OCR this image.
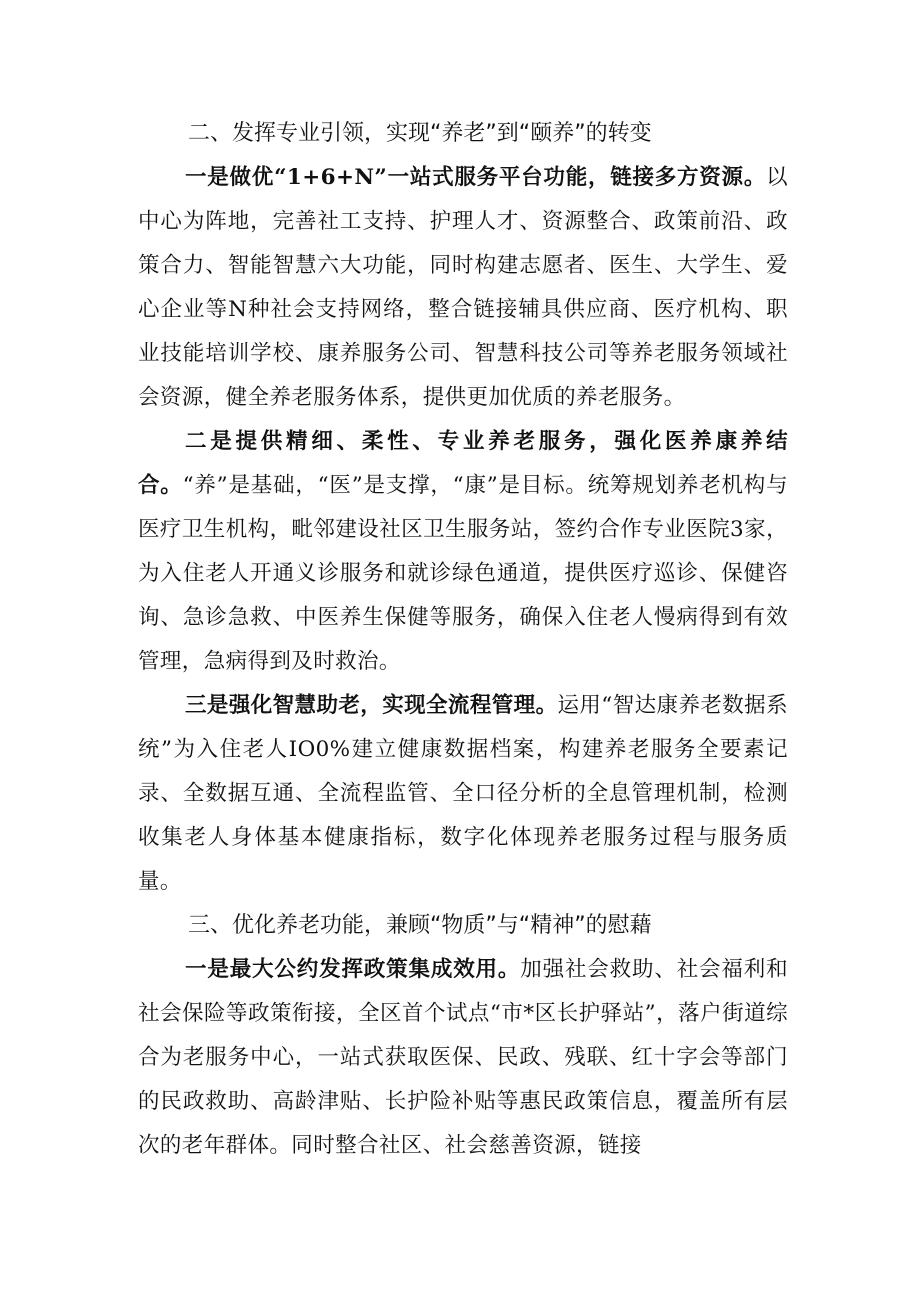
二、发挥专业引领，实现“养老”到“颐养”的转变

一是做优“1+6+N”一站式服务平台功能，链接多方资源。以中心为阵地，完善社工支持、护理人才、资源整合、政策前沿、政策合力、智能智慧六大功能，同时构建志愿者、医生、大学生、爱心企业等N种社会支持网络，整合链接辅具供应商、医疗机构、职业技能培训学校、康养服务公司、智慧科技公司等养老服务领域社会资源，健全养老服务体系，提供更加优质的养老服务。

二是提供精细、柔性、专业养老服务，强化医养康养结合。“养”是基础，“医”是支撑，“康”是目标。统筹规划养老机构与医疗卫生机构，毗邻建设社区卫生服务站，签约合作专业医院3家，为入住老人开通义诊服务和就诊绿色通道，提供医疗巡诊、保健咨询、急诊急救、中医养生保健等服务，确保入住老人慢病得到有效管理，急病得到及时救治。

三是强化智慧助老，实现全流程管理。运用“智达康养老数据系统”为入住老人IO0%建立健康数据档案，构建养老服务全要素记录、全数据互通、全流程监管、全口径分析的全息管理机制，检测收集老人身体基本健康指标，数字化体现养老服务过程与服务质量。

三、优化养老功能，兼顾“物质”与“精神”的慰藉

一是最大公约发挥政策集成效用。加强社会救助、社会福利和社会保险等政策衔接，全区首个试点“市*区长护驿站”，落户街道综合为老服务中心，一站式获取医保、民政、残联、红十字会等部门的民政救助、高龄津贴、长护险补贴等惠民政策信息，覆盖所有层次的老年群体。同时整合社区、社会慈善资源，链接
